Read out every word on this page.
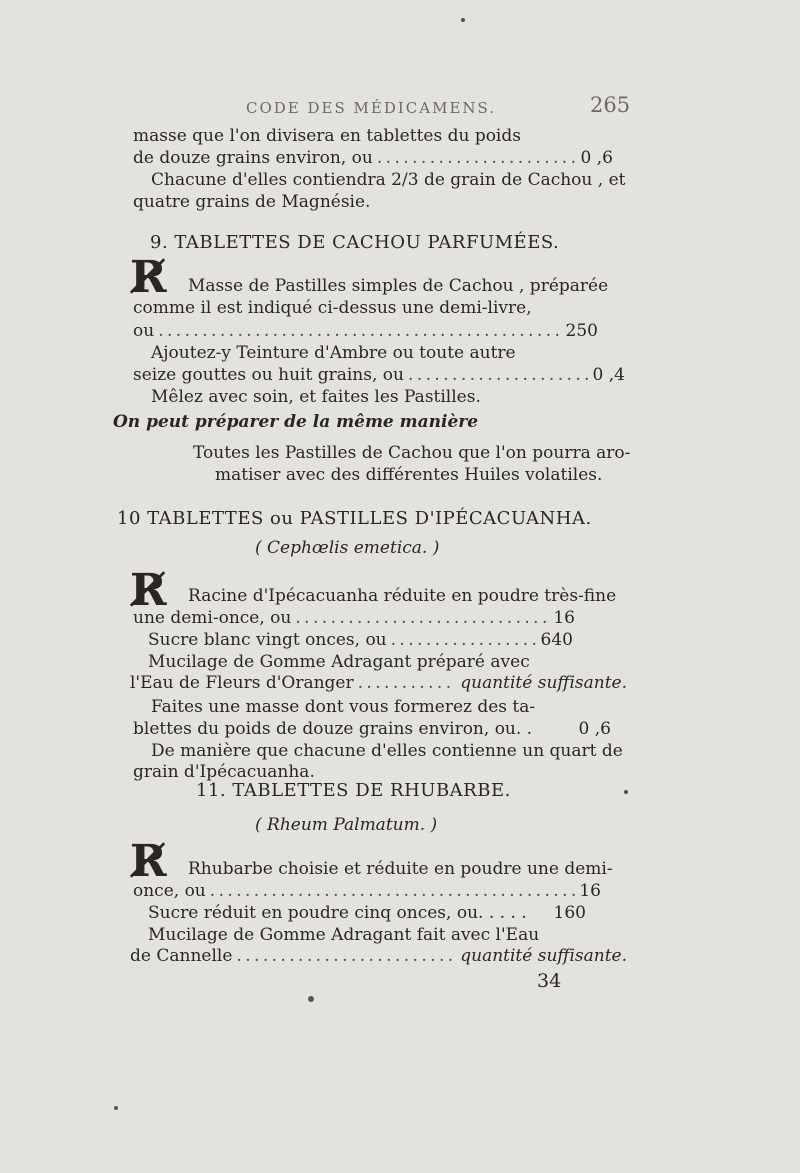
CODE DES MÉDICAMENS.	265
masse que l'on divisera en tablettes du poids
de douze grains environ, ou . . .	0 ,6
Chacune d'elles contiendra 2/3 de grain de Cachou , et
quatre grains de Magnésie.
9. TABLETTES DE CACHOU PARFUMÉES.
R̸ Masse de Pastilles simples de Cachou , préparée
comme il est indiqué ci-dessus une demi-livre,
ou . . .	250
Ajoutez-y Teinture d'Ambre ou toute autre
seize gouttes ou huit grains, ou . . .	0 ,4
Mêlez avec soin, et faites les Pastilles.
On peut préparer de la même manière
Toutes les Pastilles de Cachou que l'on pourra aro-
matiser avec des différentes Huiles volatiles.
10 TABLETTES ou PASTILLES D'IPÉCACUANHA.
( Cephœlis emetica. )
R̸ Racine d'Ipécacuanha réduite en poudre très-fine
une demi-once, ou . . .	16
Sucre blanc vingt onces, ou . . .	640
Mucilage de Gomme Adragant préparé avec
l'Eau de Fleurs d'Oranger . . .	quantité suffisante.
Faites une masse dont vous formerez des ta-
blettes du poids de douze grains environ, ou. .	0 ,6
De manière que chacune d'elles contienne un quart de
grain d'Ipécacuanha.
11. TABLETTES DE RHUBARBE.
( Rheum Palmatum. )
R̸ Rhubarbe choisie et réduite en poudre une demi-
once, ou . . .	16
Sucre réduit en poudre cinq onces, ou. . . . . 160
Mucilage de Gomme Adragant fait avec l'Eau
de Cannelle . . .	quantité suffisante.
34
